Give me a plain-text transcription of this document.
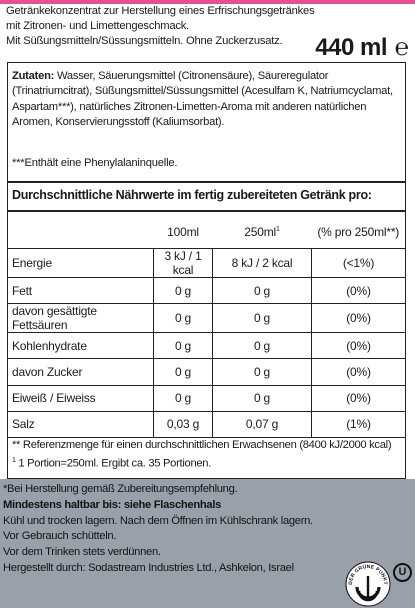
Getränkekonzentrat zur Herstellung eines Erfrischungsgetränkes
mit Zitronen- und Limettengeschmack.
Mit Süßungsmitteln/Süssungsmitteln. Ohne Zuckerzusatz.	440 ml ℮
Zutaten: Wasser, Säuerungsmittel (Citronensäure), Säureregulator (Trinatriumcitrat), Süßungsmittel/Süssungsmittel (Acesulfam K, Natriumcyclamat, Aspartam***), natürliches Zitronen-Limetten-Aroma mit anderen natürlichen Aromen, Konservierungsstoff (Kaliumsorbat).
***Enthält eine Phenylalaninquelle.
Durchschnittliche Nährwerte im fertig zubereiteten Getränk pro:
	100ml	$250ml^1$	(% pro 250ml**)
Energie	3 kJ / 1 kcal	8 kJ / 2 kcal	(<1%)
Fett	0 g	0 g	(0%)
davon gesättigte Fettsäuren	0 g	0 g	(0%)
Kohlenhydrate	0 g	0 g	(0%)
davon Zucker	0 g	0 g	(0%)
Eiweiß / Eiweiss	0 g	0 g	(0%)
Salz	0,03 g	0,07 g	(1%)
** Referenzmenge für einen durchschnittlichen Erwachsenen (8400 kJ/2000 kcal)
$^1$ 1 Portion=250ml. Ergibt ca. 35 Portionen.
*Bei Herstellung gemäß Zubereitungsempfehlung.
Mindestens haltbar bis: siehe Flaschenhals
Kühl und trocken lagern. Nach dem Öffnen im Kühlschrank lagern.
Vor Gebrauch schütteln.
Vor dem Trinken stets verdünnen.
Hergestellt durch: Sodastream Industries Ltd., Ashkelon, Israel
DER GRÜNE PUNKT
U
